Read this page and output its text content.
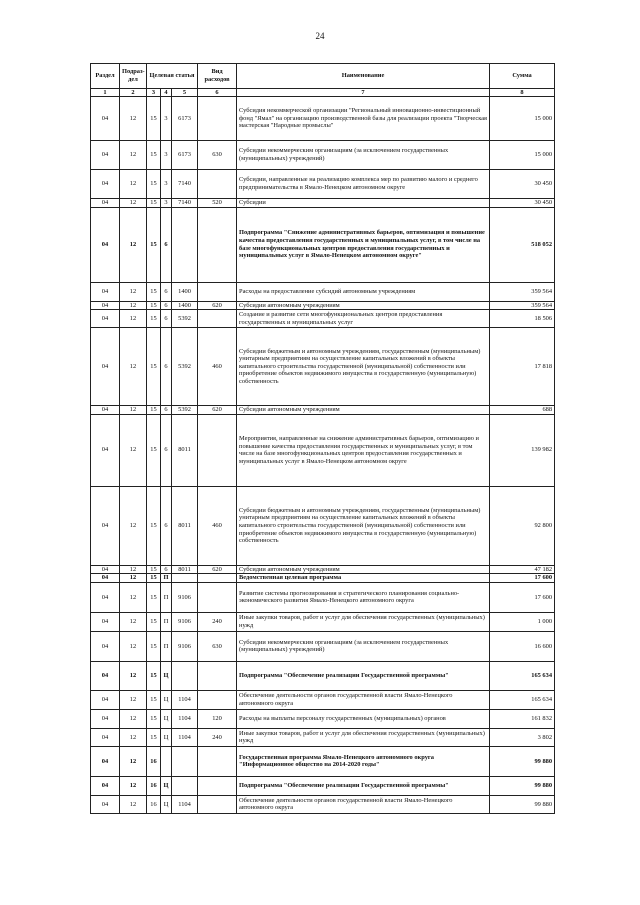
24
Раздел	Подраз-дел	Целевая статья			Вид расходов	Наименование	Сумма
1	2	3	4	5	6	7	8
04	12	15	3	6173		Субсидия некоммерческой организации "Региональный инновационно-инвестиционный фонд "Ямал" на организацию производственной базы для реализации проекта "Творческая мастерская "Народные промыслы"	15 000
04	12	15	3	6173	630	Субсидии некоммерческим организациям (за исключением государственных (муниципальных) учреждений)	15 000
04	12	15	3	7140		Субсидии, направленные на реализацию комплекса мер по развитию малого и среднего предпринимательства в Ямало-Ненецком автономном округе	30 450
04	12	15	3	7140	520	Субсидии	30 450
04	12	15	6			Подпрограмма "Снижение административных барьеров, оптимизация и повышение качества предоставления государственных и муниципальных услуг, в том числе на базе многофункциональных центров предоставления государственных и муниципальных услуг в Ямало-Ненецком автономном округе"	518 052
04	12	15	6	1400		Расходы на предоставление субсидий автономным учреждениям	359 564
04	12	15	6	1400	620	Субсидии автономным учреждениям	359 564
04	12	15	6	5392		Создание и развитие сети многофункциональных центров предоставления государственных и муниципальных услуг	18 506
04	12	15	6	5392	460	Субсидии бюджетным и автономным учреждениям, государственным (муниципальным) унитарным предприятиям на осуществление капитальных вложений в объекты капитального строительства государственной (муниципальной) собственности или приобретение объектов недвижимого имущества в государственную (муниципальную) собственность	17 818
04	12	15	6	5392	620	Субсидии автономным учреждениям	688
04	12	15	6	8011		Мероприятия, направленные на снижение административных барьеров, оптимизацию и повышение качества предоставления государственных и муниципальных услуг, в том числе на базе многофункциональных центров предоставления государственных и муниципальных услуг в Ямало-Ненецком автономном округе	139 982
04	12	15	6	8011	460	Субсидии бюджетным и автономным учреждениям, государственным (муниципальным) унитарным предприятиям на осуществление капитальных вложений в объекты капитального строительства государственной (муниципальной) собственности или приобретение объектов недвижимого имущества в государственную (муниципальную) собственность	92 800
04	12	15	6	8011	620	Субсидии автономным учреждениям	47 182
04	12	15	П			Ведомственная целевая программа	17 600
04	12	15	П	9106		Развитие системы прогнозирования и стратегического планирования социально-экономического развития Ямало-Ненецкого автономного округа	17 600
04	12	15	П	9106	240	Иные закупки товаров, работ и услуг для обеспечения государственных (муниципальных) нужд	1 000
04	12	15	П	9106	630	Субсидии некоммерческим организациям (за исключением государственных (муниципальных) учреждений)	16 600
04	12	15	Ц			Подпрограмма "Обеспечение реализации Государственной программы"	165 634
04	12	15	Ц	1104		Обеспечение деятельности органов государственной власти Ямало-Ненецкого автономного округа	165 634
04	12	15	Ц	1104	120	Расходы на выплаты персоналу государственных (муниципальных) органов	161 832
04	12	15	Ц	1104	240	Иные закупки товаров, работ и услуг для обеспечения государственных (муниципальных) нужд	3 802
04	12	16				Государственная программа Ямало-Ненецкого автономного округа "Информационное общество на 2014-2020 годы"	99 880
04	12	16	Ц			Подпрограмма "Обеспечение реализации Государственной программы"	99 880
04	12	16	Ц	1104		Обеспечение деятельности органов государственной власти Ямало-Ненецкого автономного округа	99 880
